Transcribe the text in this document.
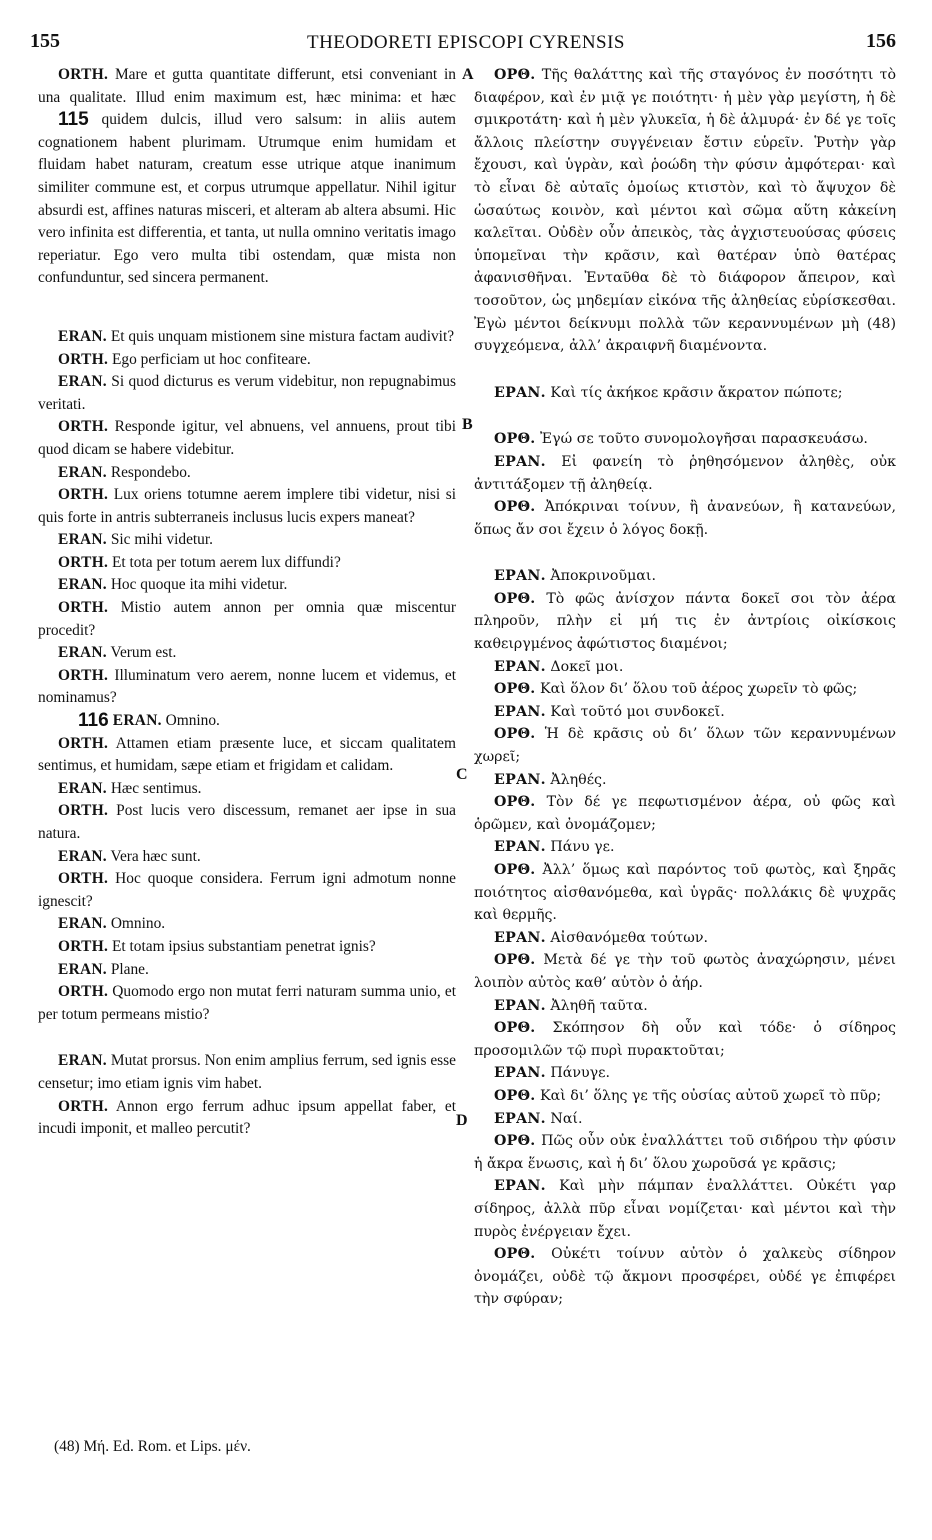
155	THEODORETI EPISCOPI CYRENSIS	156

ORTH. Mare et gutta quantitate differunt, etsi conveniant in una qualitate. Illud enim maximum est, hæc minima: et hæc 115 quidem dulcis, illud vero salsum: in aliis autem cognationem habent plurimam. Utrumque enim humidam et fluidam habet naturam, creatum esse utrique atque inanimum similiter commune est, et corpus utrumque appellatur. Nihil igitur absurdi est, affines naturas misceri, et alteram ab altera absumi. Hic vero infinita est differentia, et tanta, ut nulla omnino veritatis imago reperiatur. Ego vero multa tibi ostendam, quæ mista non confunduntur, sed sincera permanent.

ERAN. Et quis unquam mistionem sine mistura factam audivit?

ORTH. Ego perficiam ut hoc confiteare.

ERAN. Si quod dicturus es verum videbitur, non repugnabimus veritati.

ORTH. Responde igitur, vel abnuens, vel annuens, prout tibi quod dicam se habere videbitur.

ERAN. Respondebo.

ORTH. Lux oriens totumne aerem implere tibi videtur, nisi si quis forte in antris subterraneis inclusus lucis expers maneat?

ERAN. Sic mihi videtur.

ORTH. Et tota per totum aerem lux diffundi?

ERAN. Hoc quoque ita mihi videtur.

ORTH. Mistio autem annon per omnia quæ miscentur procedit?

ERAN. Verum est.

ORTH. Illuminatum vero aerem, nonne lucem et videmus, et nominamus?

116 ERAN. Omnino.

ORTH. Attamen etiam præsente luce, et siccam qualitatem sentimus, et humidam, sæpe etiam et frigidam et calidam.

ERAN. Hæc sentimus.

ORTH. Post lucis vero discessum, remanet aer ipse in sua natura.

ERAN. Vera hæc sunt.

ORTH. Hoc quoque considera. Ferrum igni admotum nonne ignescit?

ERAN. Omnino.

ORTH. Et totam ipsius substantiam penetrat ignis?

ERAN. Plane.

ORTH. Quomodo ergo non mutat ferri naturam summa unio, et per totum permeans mistio?

ERAN. Mutat prorsus. Non enim amplius ferrum, sed ignis esse censetur; imo etiam ignis vim habet.

ORTH. Annon ergo ferrum adhuc ipsum appellat faber, et incudi imponit, et malleo percutit?

ΟΡΘ. Τῆς θαλάττης καὶ τῆς σταγόνος ἐν ποσότητι τὸ διαφέρον, καὶ ἐν μιᾷ γε ποιότητι· ἡ μὲν γὰρ μεγίστη, ἡ δὲ σμικροτάτη· καὶ ἡ μὲν γλυκεῖα, ἡ δὲ ἁλμυρά· ἐν δέ γε τοῖς ἄλλοις πλείστην συγγένειαν ἔστιν εὑρεῖν. Ῥυτὴν γὰρ ἔχουσι, καὶ ὑγρὰν, καὶ ῥοώδη τὴν φύσιν ἀμφότεραι· καὶ τὸ εἶναι δὲ αὐταῖς ὁμοίως κτιστὸν, καὶ τὸ ἄψυχον δὲ ὡσαύτως κοινὸν, καὶ μέντοι καὶ σῶμα αὕτη κἀκείνη καλεῖται. Οὐδὲν οὖν ἀπεικὸς, τὰς ἀγχιστευούσας φύσεις ὑπομεῖναι τὴν κρᾶσιν, καὶ θατέραν ὑπὸ θατέρας ἀφανισθῆναι. Ἐνταῦθα δὲ τὸ διάφορον ἄπειρον, καὶ τοσοῦτον, ὡς μηδεμίαν εἰκόνα τῆς ἀληθείας εὑρίσκεσθαι. Ἐγὼ μέντοι δείκνυμι πολλὰ τῶν κεραννυμένων μὴ (48) συγχεόμενα, ἀλλ’ ἀκραιφνῆ διαμένοντα.

ΕΡΑΝ. Καὶ τίς ἀκήκοε κρᾶσιν ἄκρατον πώποτε;

ΟΡΘ. Ἐγώ σε τοῦτο συνομολογῆσαι παρασκευάσω.

ΕΡΑΝ. Εἰ φανείη τὸ ῥηθησόμενον ἀληθὲς, οὐκ ἀντιτάξομεν τῇ ἀληθείᾳ.

ΟΡΘ. Ἀπόκριναι τοίνυν, ἢ ἀνανεύων, ἢ κατανεύων, ὅπως ἄν σοι ἔχειν ὁ λόγος δοκῇ.

ΕΡΑΝ. Ἀποκρινοῦμαι.

ΟΡΘ. Τὸ φῶς ἀνίσχον πάντα δοκεῖ σοι τὸν ἀέρα πληροῦν, πλὴν εἰ μή τις ἐν ἀντρίοις οἰκίσκοις καθειργμένος ἀφώτιστος διαμένοι;

ΕΡΑΝ. Δοκεῖ μοι.

ΟΡΘ. Καὶ ὅλον δι’ ὅλου τοῦ ἀέρος χωρεῖν τὸ φῶς;

ΕΡΑΝ. Καὶ τοῦτό μοι συνδοκεῖ.

ΟΡΘ. Ἡ δὲ κρᾶσις οὐ δι’ ὅλων τῶν κεραννυμένων χωρεῖ;

ΕΡΑΝ. Ἀληθές.

ΟΡΘ. Τὸν δέ γε πεφωτισμένον ἀέρα, οὐ φῶς καὶ ὁρῶμεν, καὶ ὀνομάζομεν;

ΕΡΑΝ. Πάνυ γε.

ΟΡΘ. Ἀλλ’ ὅμως καὶ παρόντος τοῦ φωτὸς, καὶ ξηρᾶς ποιότητος αἰσθανόμεθα, καὶ ὑγρᾶς· πολλάκις δὲ ψυχρᾶς καὶ θερμῆς.

ΕΡΑΝ. Αἰσθανόμεθα τούτων.

ΟΡΘ. Μετὰ δέ γε τὴν τοῦ φωτὸς ἀναχώρησιν, μένει λοιπὸν αὐτὸς καθ’ αὑτὸν ὁ ἀήρ.

ΕΡΑΝ. Ἀληθῆ ταῦτα.

ΟΡΘ. Σκόπησον δὴ οὖν καὶ τόδε· ὁ σίδηρος προσομιλῶν τῷ πυρὶ πυρακτοῦται;

ΕΡΑΝ. Πάνυγε.

ΟΡΘ. Καὶ δι’ ὅλης γε τῆς οὐσίας αὐτοῦ χωρεῖ τὸ πῦρ;

ΕΡΑΝ. Ναί.

ΟΡΘ. Πῶς οὖν οὐκ ἐναλλάττει τοῦ σιδήρου τὴν φύσιν ἡ ἄκρα ἕνωσις, καὶ ἡ δι’ ὅλου χωροῦσά γε κρᾶσις;

ΕΡΑΝ. Καὶ μὴν πάμπαν ἐναλλάττει. Οὐκέτι γαρ σίδηρος, ἀλλὰ πῦρ εἶναι νομίζεται· καὶ μέντοι καὶ τὴν πυρὸς ἐνέργειαν ἔχει.

ΟΡΘ. Οὐκέτι τοίνυν αὐτὸν ὁ χαλκεὺς σίδηρον ὀνομάζει, οὐδὲ τῷ ἄκμονι προσφέρει, οὐδέ γε ἐπιφέρει τὴν σφύραν;

A
B
C
D
(48) Μή. Ed. Rom. et Lips. μέν.
